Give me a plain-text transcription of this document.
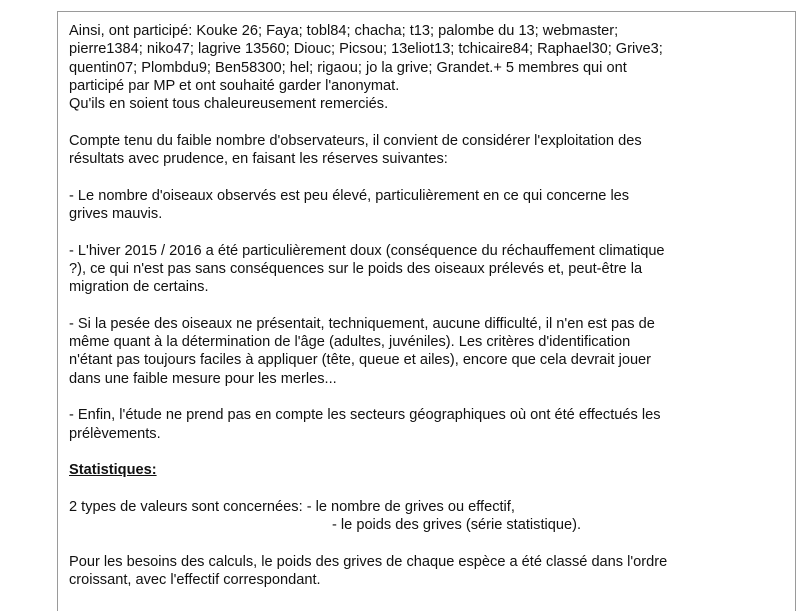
Ainsi, ont participé: Kouke 26; Faya; tobl84; chacha; t13; palombe du 13; webmaster;

pierre1384; niko47; lagrive 13560; Diouc; Picsou; 13eliot13; tchicaire84; Raphael30; Grive3;

quentin07; Plombdu9; Ben58300; hel; rigaou; jo la grive; Grandet.+ 5 membres qui ont

participé par MP et ont souhaité garder l'anonymat.

Qu'ils en soient tous chaleureusement remerciés.

Compte tenu du faible nombre d'observateurs, il convient de considérer l'exploitation des

résultats avec prudence, en faisant les réserves suivantes:

- Le nombre d'oiseaux observés est peu élevé, particulièrement en ce qui concerne les

grives mauvis.

- L'hiver 2015 / 2016 a été particulièrement doux (conséquence du réchauffement climatique

?), ce qui n'est pas sans conséquences sur le poids des oiseaux prélevés et, peut-être la

migration de certains.

- Si la pesée des oiseaux ne présentait, techniquement, aucune difficulté, il n'en est pas de

même quant à la détermination de l'âge (adultes, juvéniles). Les critères d'identification

n'étant pas toujours faciles à appliquer (tête, queue et ailes), encore que cela devrait jouer

dans une faible mesure pour les merles...

- Enfin, l'étude ne prend pas en compte les secteurs géographiques où ont été effectués les

prélèvements.

Statistiques:

2 types de valeurs sont concernées: - le nombre de grives ou effectif,

- le poids des grives (série statistique).

Pour les besoins des calculs, le poids des grives de chaque espèce a été classé dans l'ordre

croissant, avec l'effectif correspondant.
